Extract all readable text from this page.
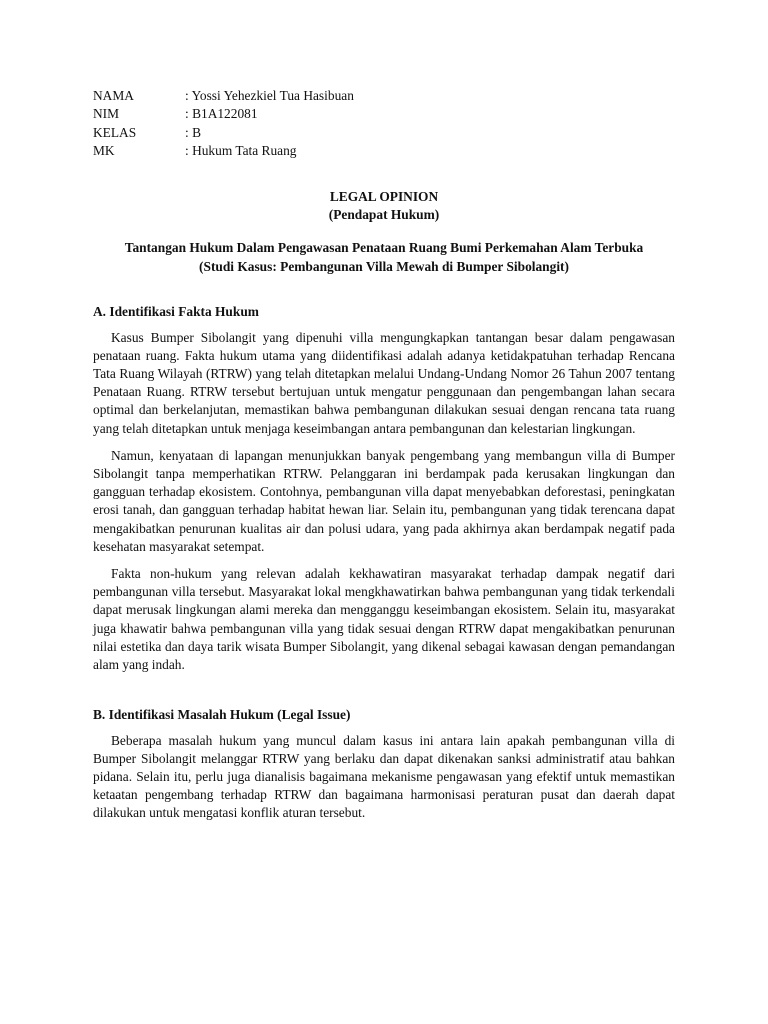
NAMA	: Yossi Yehezkiel Tua Hasibuan
NIM	: B1A122081
KELAS	: B
MK	: Hukum Tata Ruang
LEGAL OPINION
(Pendapat Hukum)
Tantangan Hukum Dalam Pengawasan Penataan Ruang Bumi Perkemahan Alam Terbuka (Studi Kasus: Pembangunan Villa Mewah di Bumper Sibolangit)
A. Identifikasi Fakta Hukum

Kasus Bumper Sibolangit yang dipenuhi villa mengungkapkan tantangan besar dalam pengawasan penataan ruang. Fakta hukum utama yang diidentifikasi adalah adanya ketidakpatuhan terhadap Rencana Tata Ruang Wilayah (RTRW) yang telah ditetapkan melalui Undang-Undang Nomor 26 Tahun 2007 tentang Penataan Ruang. RTRW tersebut bertujuan untuk mengatur penggunaan dan pengembangan lahan secara optimal dan berkelanjutan, memastikan bahwa pembangunan dilakukan sesuai dengan rencana tata ruang yang telah ditetapkan untuk menjaga keseimbangan antara pembangunan dan kelestarian lingkungan.

Namun, kenyataan di lapangan menunjukkan banyak pengembang yang membangun villa di Bumper Sibolangit tanpa memperhatikan RTRW. Pelanggaran ini berdampak pada kerusakan lingkungan dan gangguan terhadap ekosistem. Contohnya, pembangunan villa dapat menyebabkan deforestasi, peningkatan erosi tanah, dan gangguan terhadap habitat hewan liar. Selain itu, pembangunan yang tidak terencana dapat mengakibatkan penurunan kualitas air dan polusi udara, yang pada akhirnya akan berdampak negatif pada kesehatan masyarakat setempat.

Fakta non-hukum yang relevan adalah kekhawatiran masyarakat terhadap dampak negatif dari pembangunan villa tersebut. Masyarakat lokal mengkhawatirkan bahwa pembangunan yang tidak terkendali dapat merusak lingkungan alami mereka dan mengganggu keseimbangan ekosistem. Selain itu, masyarakat juga khawatir bahwa pembangunan villa yang tidak sesuai dengan RTRW dapat mengakibatkan penurunan nilai estetika dan daya tarik wisata Bumper Sibolangit, yang dikenal sebagai kawasan dengan pemandangan alam yang indah.

B. Identifikasi Masalah Hukum (Legal Issue)

Beberapa masalah hukum yang muncul dalam kasus ini antara lain apakah pembangunan villa di Bumper Sibolangit melanggar RTRW yang berlaku dan dapat dikenakan sanksi administratif atau bahkan pidana. Selain itu, perlu juga dianalisis bagaimana mekanisme pengawasan yang efektif untuk memastikan ketaatan pengembang terhadap RTRW dan bagaimana harmonisasi peraturan pusat dan daerah dapat dilakukan untuk mengatasi konflik aturan tersebut.
